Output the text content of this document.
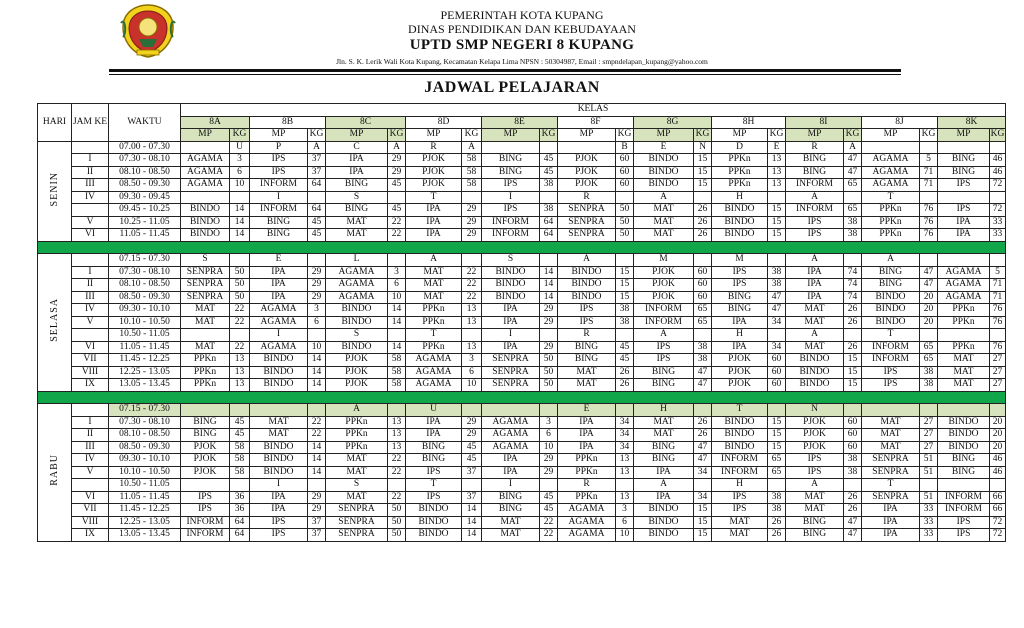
PEMERINTAH KOTA KUPANG
DINAS PENDIDIKAN DAN KEBUDAYAAN
UPTD SMP NEGERI 8 KUPANG
Jln. S. K. Lerik Wali Kota Kupang, Kecamatan Kelapa Lima NPSN : 50304987, Email : smpndelapan_kupang@yahoo.com
JADWAL PELAJARAN
HARI	JAM KE	WAKTU	KELAS																					
			8A		8B		8C		8D		8E		8F		8G		8H		8I		8J		8K	
			MP	KG	MP	KG	MP	KG	MP	KG	MP	KG	MP	KG	MP	KG	MP	KG	MP	KG	MP	KG	MP	KG
SENIN		07.00 - 07.30		U	P	A	C	A	R	A				B	E	N	D	E	R	A				
	I	07.30 - 08.10	AGAMA	3	IPS	37	IPA	29	PJOK	58	BING	45	PJOK	60	BINDO	15	PPKn	13	BING	47	AGAMA	5	BING	46
	II	08.10 - 08.50	AGAMA	6	IPS	37	IPA	29	PJOK	58	BING	45	PJOK	60	BINDO	15	PPKn	13	BING	47	AGAMA	71	BING	46
	III	08.50 - 09.30	AGAMA	10	INFORM	64	BING	45	PJOK	58	IPS	38	PJOK	60	BINDO	15	PPKn	13	INFORM	65	AGAMA	71	IPS	72
	IV	09.30 - 09.45			I		S		T		I		R		A		H		A		T			
		09.45 - 10.25	BINDO	14	INFORM	64	BING	45	IPA	29	IPS	38	SENPRA	50	MAT	26	BINDO	15	INFORM	65	PPKn	76	IPS	72
	V	10.25 - 11.05	BINDO	14	BING	45	MAT	22	IPA	29	INFORM	64	SENPRA	50	MAT	26	BINDO	15	IPS	38	PPKn	76	IPA	33
	VI	11.05 - 11.45	BINDO	14	BING	45	MAT	22	IPA	29	INFORM	64	SENPRA	50	MAT	26	BINDO	15	IPS	38	PPKn	76	IPA	33

SELASA		07.15 - 07.30	S		E		L		A		S		A		M		M		A		A			
	I	07.30 - 08.10	SENPRA	50	IPA	29	AGAMA	3	MAT	22	BINDO	14	BINDO	15	PJOK	60	IPS	38	IPA	74	BING	47	AGAMA	5
	II	08.10 - 08.50	SENPRA	50	IPA	29	AGAMA	6	MAT	22	BINDO	14	BINDO	15	PJOK	60	IPS	38	IPA	74	BING	47	AGAMA	71
	III	08.50 - 09.30	SENPRA	50	IPA	29	AGAMA	10	MAT	22	BINDO	14	BINDO	15	PJOK	60	BING	47	IPA	74	BINDO	20	AGAMA	71
	IV	09.30 - 10.10	MAT	22	AGAMA	3	BINDO	14	PPKn	13	IPA	29	IPS	38	INFORM	65	BING	47	MAT	26	BINDO	20	PPKn	76
	V	10.10 - 10.50	MAT	22	AGAMA	6	BINDO	14	PPKn	13	IPA	29	IPS	38	INFORM	65	IPA	34	MAT	26	BINDO	20	PPKn	76
		10.50 - 11.05			I		S		T		I		R		A		H		A		T			
	VI	11.05 - 11.45	MAT	22	AGAMA	10	BINDO	14	PPKn	13	IPA	29	BING	45	IPS	38	IPA	34	MAT	26	INFORM	65	PPKn	76
	VII	11.45 - 12.25	PPKn	13	BINDO	14	PJOK	58	AGAMA	3	SENPRA	50	BING	45	IPS	38	PJOK	60	BINDO	15	INFORM	65	MAT	27
	VIII	12.25 - 13.05	PPKn	13	BINDO	14	PJOK	58	AGAMA	6	SENPRA	50	MAT	26	BING	47	PJOK	60	BINDO	15	IPS	38	MAT	27
	IX	13.05 - 13.45	PPKn	13	BINDO	14	PJOK	58	AGAMA	10	SENPRA	50	MAT	26	BING	47	PJOK	60	BINDO	15	IPS	38	MAT	27

RABU		07.15 - 07.30					A		U				E		H		T		N					
	I	07.30 - 08.10	BING	45	MAT	22	PPKn	13	IPA	29	AGAMA	3	IPA	34	MAT	26	BINDO	15	PJOK	60	MAT	27	BINDO	20
	II	08.10 - 08.50	BING	45	MAT	22	PPKn	13	IPA	29	AGAMA	6	IPA	34	MAT	26	BINDO	15	PJOK	60	MAT	27	BINDO	20
	III	08.50 - 09.30	PJOK	58	BINDO	14	PPKn	13	BING	45	AGAMA	10	IPA	34	BING	47	BINDO	15	PJOK	60	MAT	27	BINDO	20
	IV	09.30 - 10.10	PJOK	58	BINDO	14	MAT	22	BING	45	IPA	29	PPKn	13	BING	47	INFORM	65	IPS	38	SENPRA	51	BING	46
	V	10.10 - 10.50	PJOK	58	BINDO	14	MAT	22	IPS	37	IPA	29	PPKn	13	IPA	34	INFORM	65	IPS	38	SENPRA	51	BING	46
		10.50 - 11.05			I		S		T		I		R		A		H		A		T			
	VI	11.05 - 11.45	IPS	36	IPA	29	MAT	22	IPS	37	BING	45	PPKn	13	IPA	34	IPS	38	MAT	26	SENPRA	51	INFORM	66
	VII	11.45 - 12.25	IPS	36	IPA	29	SENPRA	50	BINDO	14	BING	45	AGAMA	3	BINDO	15	IPS	38	MAT	26	IPA	33	INFORM	66
	VIII	12.25 - 13.05	INFORM	64	IPS	37	SENPRA	50	BINDO	14	MAT	22	AGAMA	6	BINDO	15	MAT	26	BING	47	IPA	33	IPS	72
	IX	13.05 - 13.45	INFORM	64	IPS	37	SENPRA	50	BINDO	14	MAT	22	AGAMA	10	BINDO	15	MAT	26	BING	47	IPA	33	IPS	72
